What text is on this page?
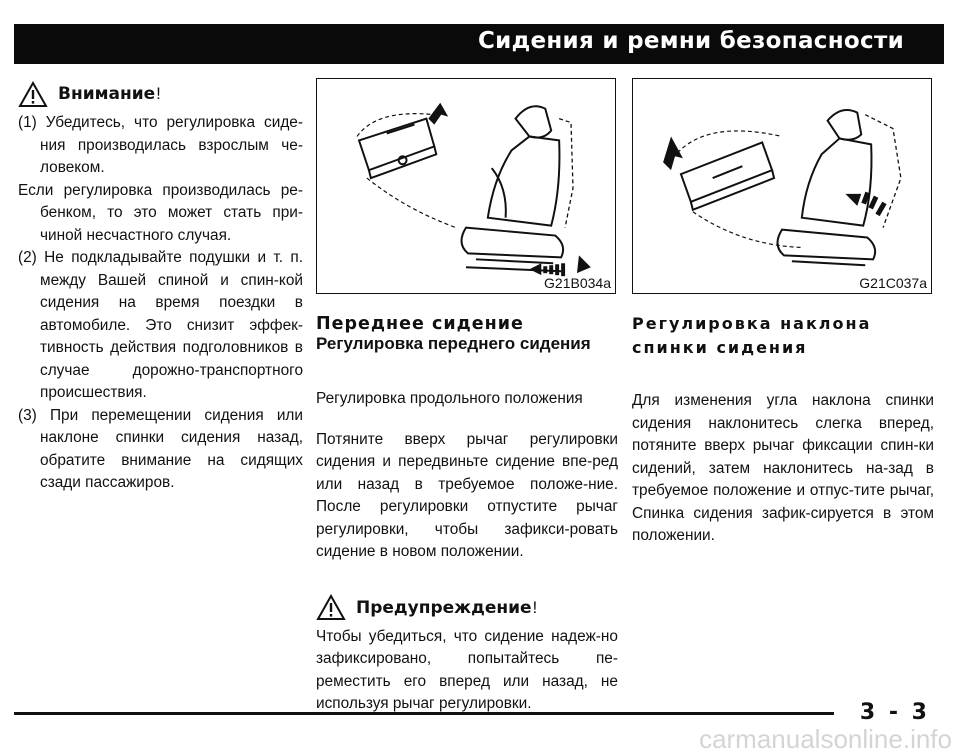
Сидения и ремни безопасности
Внимание !

(1) Убедитесь, что регулировка сиде-ния производилась взрослым че-ловеком.

Если регулировка производилась ре-бенком, то это может стать при-чиной несчастного случая.

(2) Не подкладывайте подушки и т. п. между Вашей спиной и спин-кой сидения на время поездки в автомобиле. Это снизит эффек-тивность действия подголовников в случае дорожно-транспортного происшествия.

(3) При перемещении сидения или наклоне спинки сидения назад, обратите внимание на сидящих сзади пассажиров.

G21B034a

Переднее сидение

Регулировка переднего сидения

Регулировка продольного положения

Потяните вверх рычаг регулировки сидения и передвиньте сидение впе-ред или назад в требуемое положе-ние. После регулировки отпустите рычаг регулировки, чтобы зафикси-ровать сидение в новом положении.

Предупреждение !

Чтобы убедиться, что сидение надеж-но зафиксировано, попытайтесь пе-реместить его вперед или назад, не используя рычаг регулировки.

G21C037a

Регулировка наклона спинки сидения

Для изменения угла наклона спинки сидения наклонитесь слегка вперед, потяните вверх рычаг фиксации спин-ки сидений, затем наклонитесь на-зад в требуемое положение и отпус-тите рычаг, Спинка сидения зафик-сируется в этом положении.

3 - 3
carmanualsonline.info
